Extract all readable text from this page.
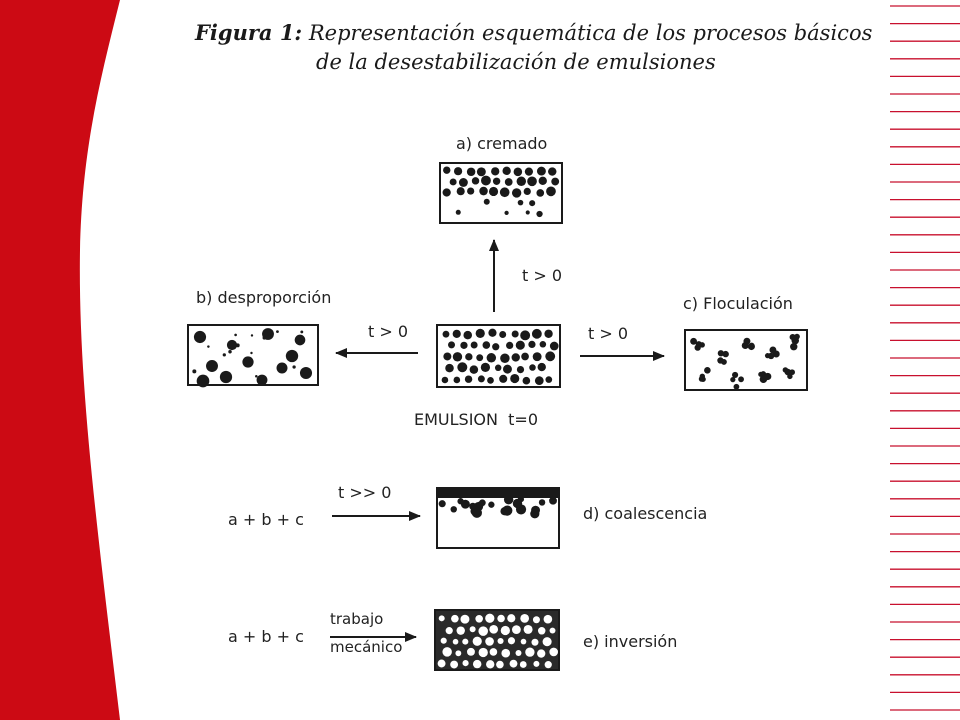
Figura 1: Representación esquemática de los procesos básicos
de la desestabilización de emulsiones
a) cremado
b) desproporción	c) Floculación
d) coalescencia
e) inversión
EMULSION t=0
t > 0
t > 0	t > 0
t >> 0
trabajo
mecánico
a + b + c
a + b + c
